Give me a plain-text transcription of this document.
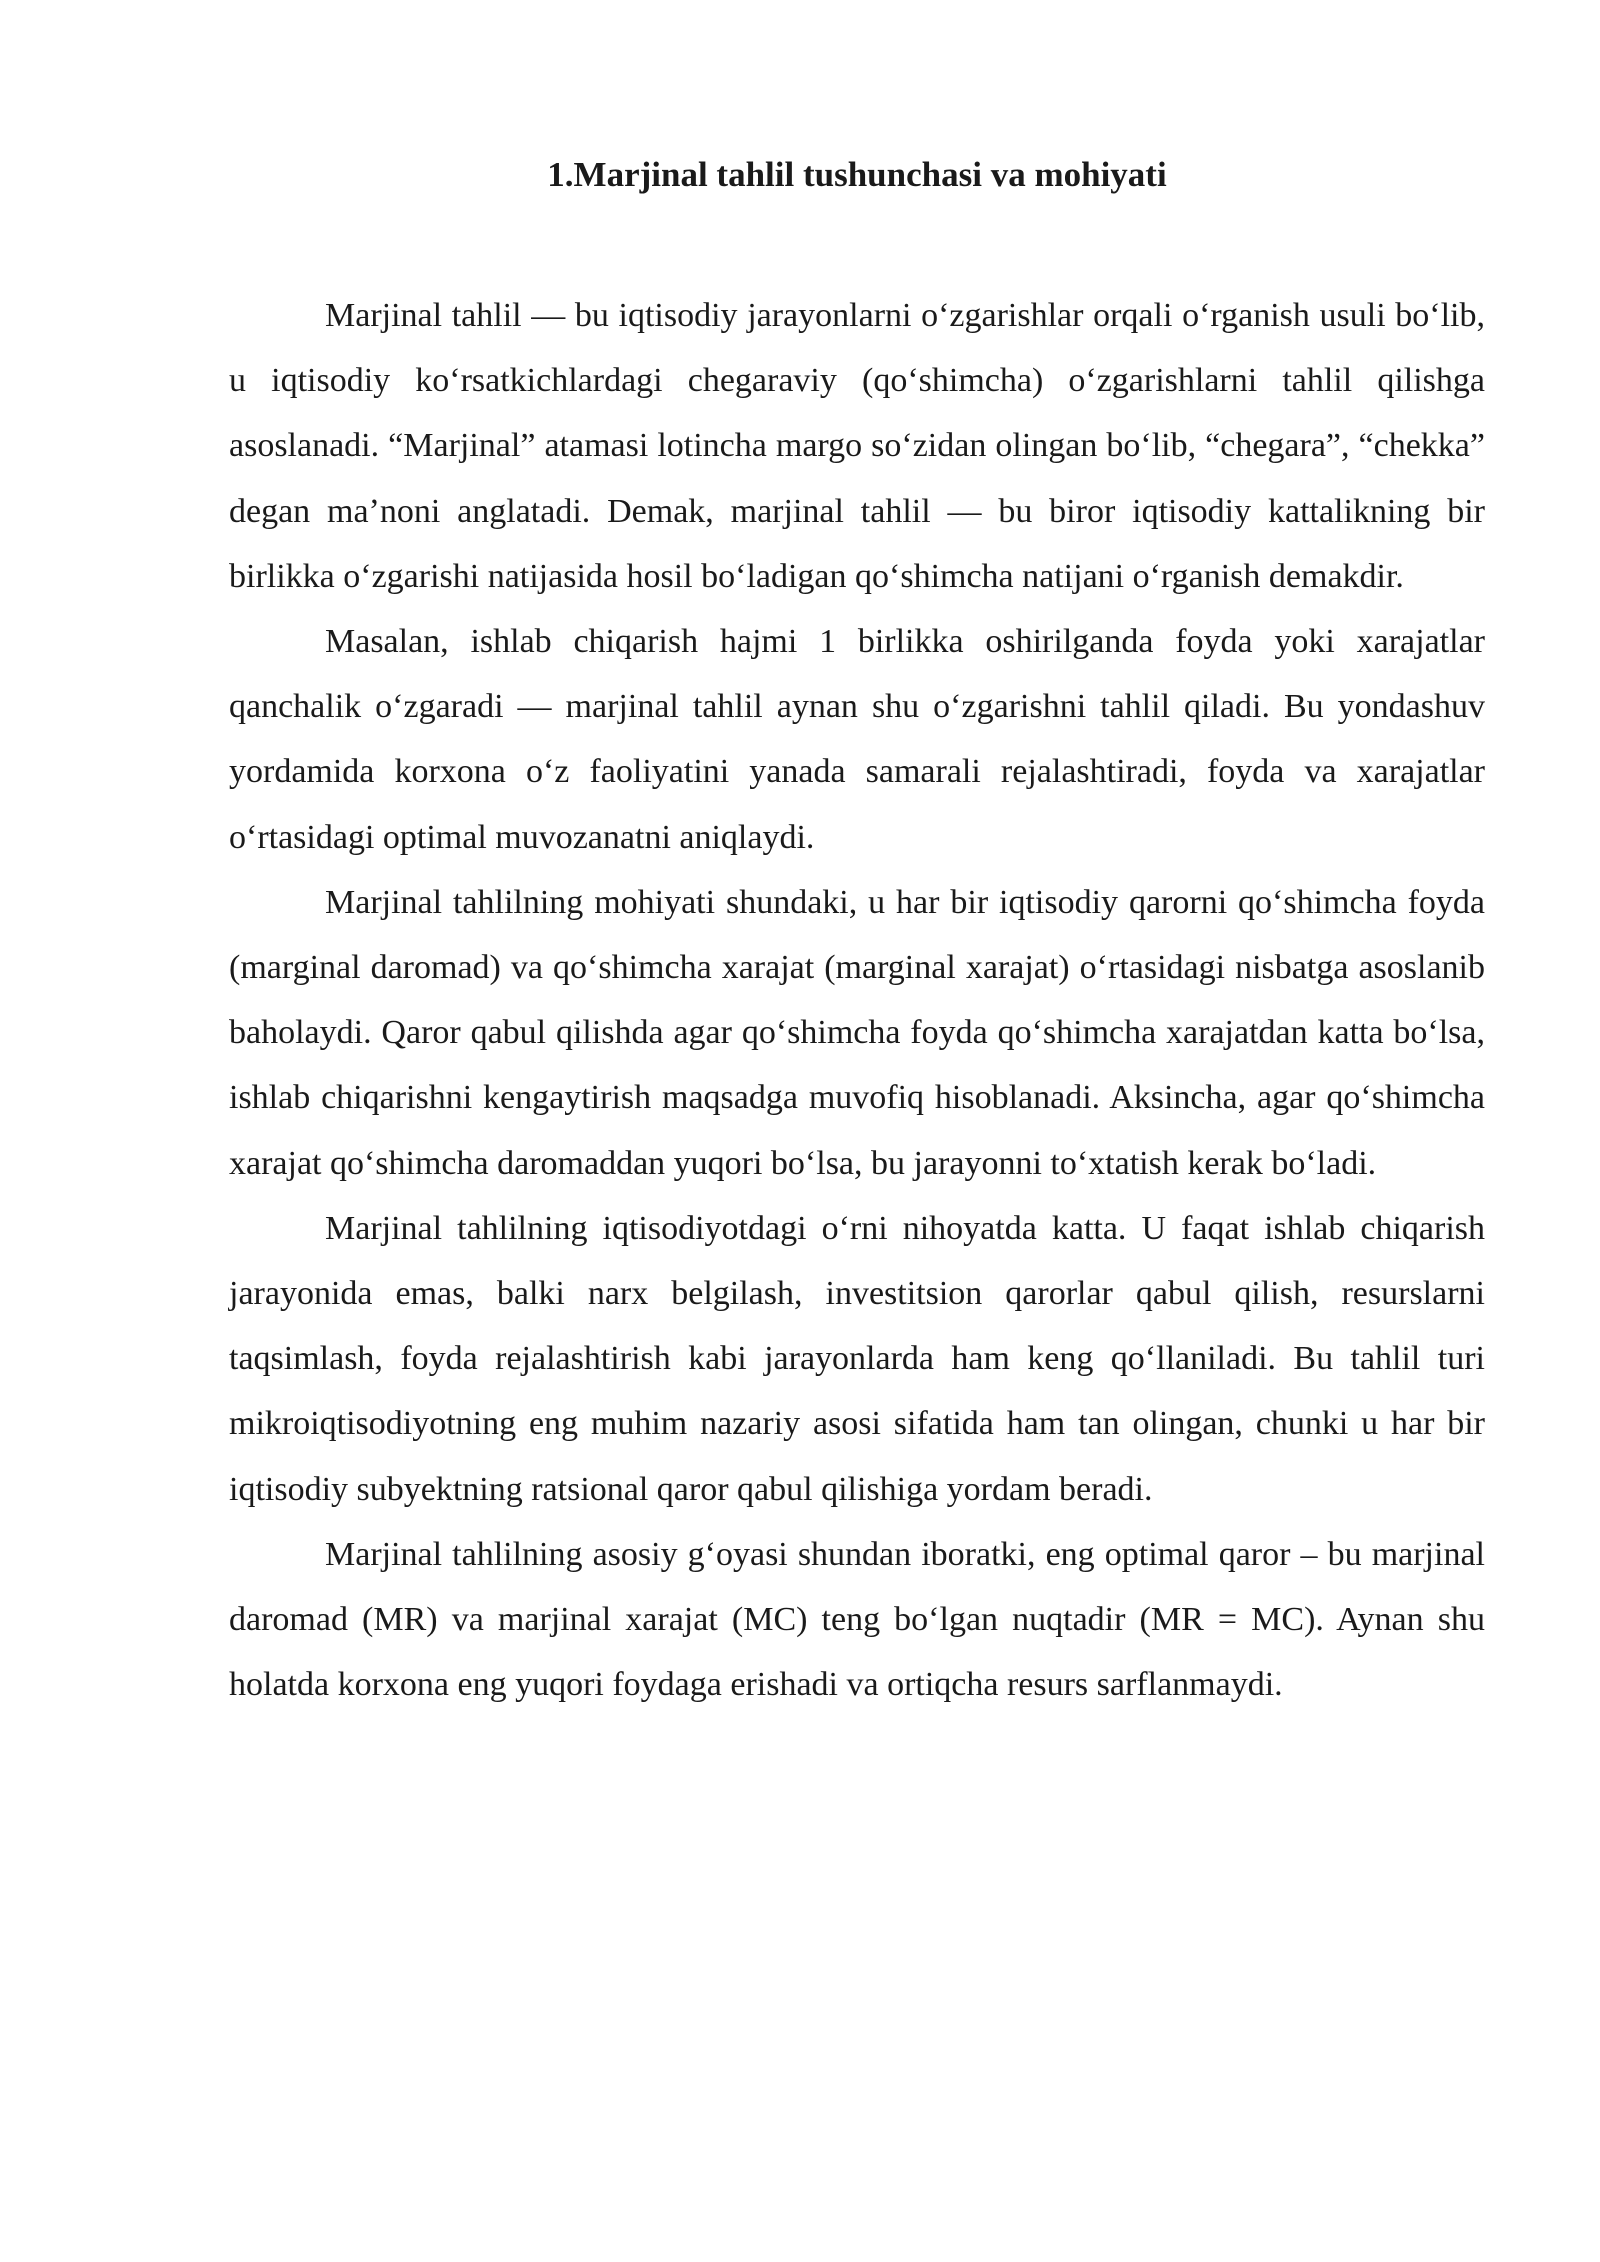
1.Marjinal tahlil tushunchasi va mohiyati

Marjinal tahlil — bu iqtisodiy jarayonlarni oʻzgarishlar orqali oʻrganish usuli boʻlib, u iqtisodiy koʻrsatkichlardagi chegaraviy (qoʻshimcha) oʻzgarishlarni tahlil qilishga asoslanadi. “Marjinal” atamasi lotincha margo soʻzidan olingan boʻlib, “chegara”, “chekka” degan maʼnoni anglatadi. Demak, marjinal tahlil — bu biror iqtisodiy kattalikning bir birlikka oʻzgarishi natijasida hosil boʻladigan qoʻshimcha natijani oʻrganish demakdir.

Masalan, ishlab chiqarish hajmi 1 birlikka oshirilganda foyda yoki xarajatlar qanchalik oʻzgaradi — marjinal tahlil aynan shu oʻzgarishni tahlil qiladi. Bu yondashuv yordamida korxona oʻz faoliyatini yanada samarali rejalashtiradi, foyda va xarajatlar oʻrtasidagi optimal muvozanatni aniqlaydi.

Marjinal tahlilning mohiyati shundaki, u har bir iqtisodiy qarorni qoʻshimcha foyda (marginal daromad) va qoʻshimcha xarajat (marginal xarajat) oʻrtasidagi nisbatga asoslanib baholaydi. Qaror qabul qilishda agar qoʻshimcha foyda qoʻshimcha xarajatdan katta boʻlsa, ishlab chiqarishni kengaytirish maqsadga muvofiq hisoblanadi. Aksincha, agar qoʻshimcha xarajat qoʻshimcha daromaddan yuqori boʻlsa, bu jarayonni toʻxtatish kerak boʻladi.

Marjinal tahlilning iqtisodiyotdagi oʻrni nihoyatda katta. U faqat ishlab chiqarish jarayonida emas, balki narx belgilash, investitsion qarorlar qabul qilish, resurslarni taqsimlash, foyda rejalashtirish kabi jarayonlarda ham keng qoʻllaniladi. Bu tahlil turi mikroiqtisodiyotning eng muhim nazariy asosi sifatida ham tan olingan, chunki u har bir iqtisodiy subyektning ratsional qaror qabul qilishiga yordam beradi.

Marjinal tahlilning asosiy gʻoyasi shundan iboratki, eng optimal qaror – bu marjinal daromad (MR) va marjinal xarajat (MC) teng boʻlgan nuqtadir (MR = MC). Aynan shu holatda korxona eng yuqori foydaga erishadi va ortiqcha resurs sarflanmaydi.
